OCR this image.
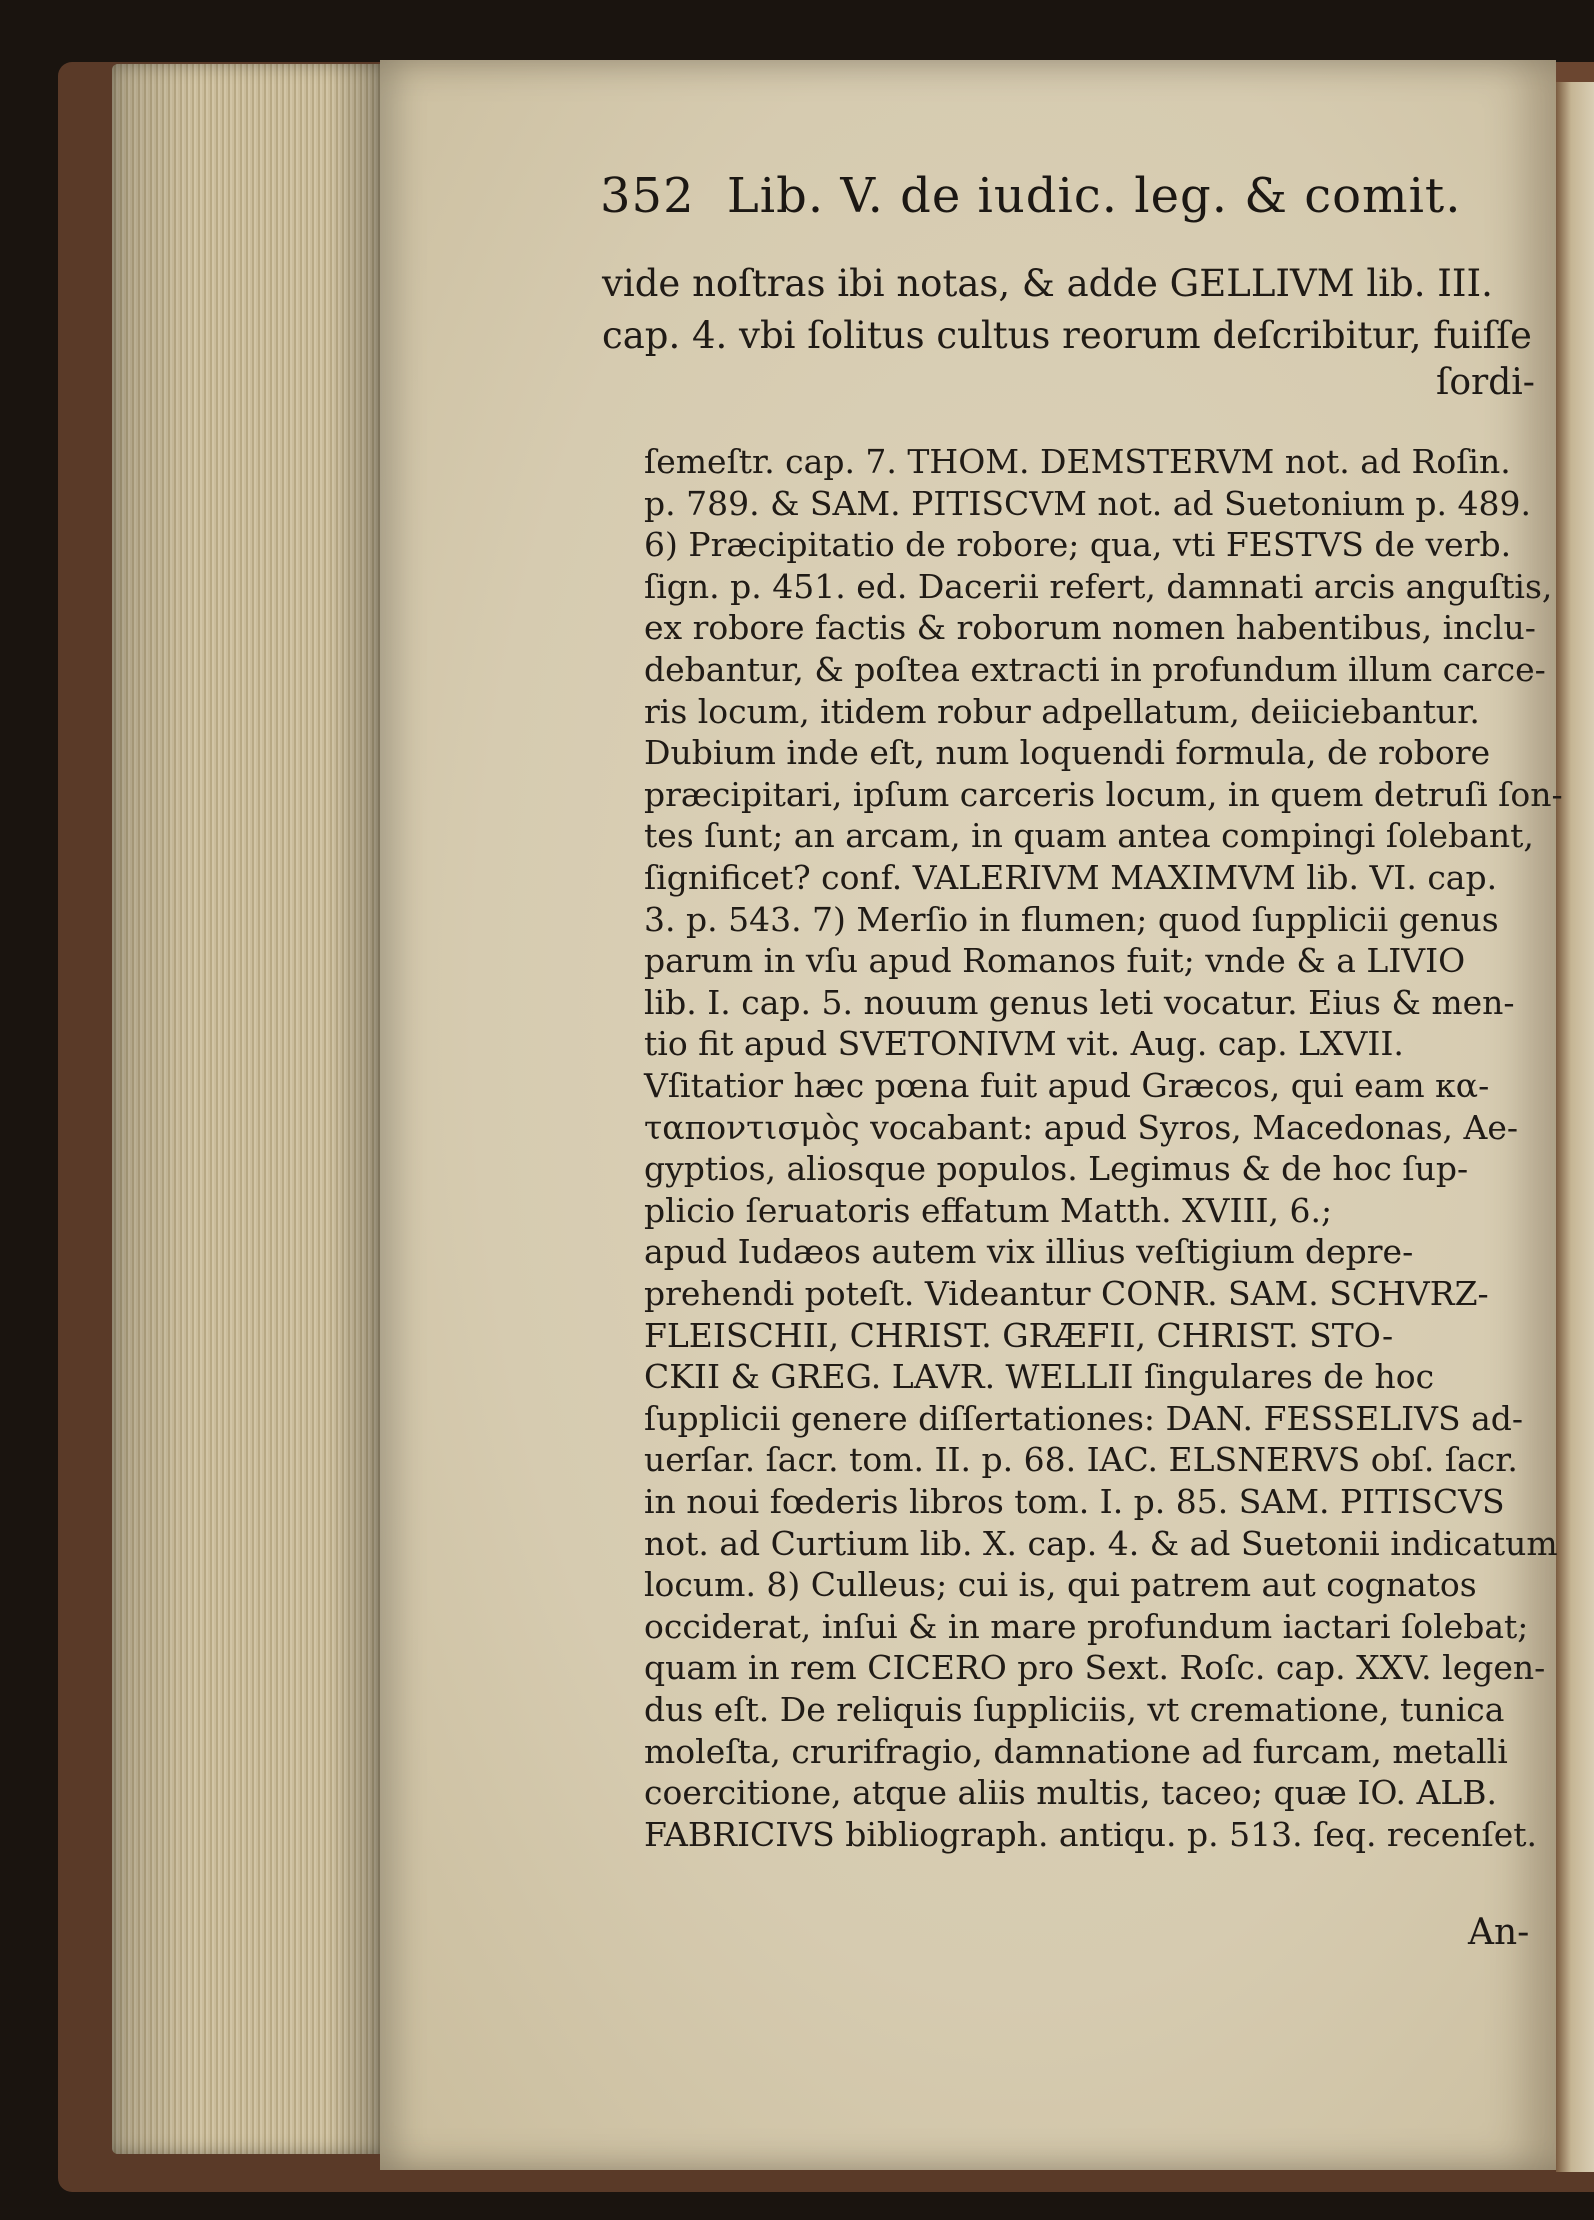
352 Lib. V. de iudic. leg. & comit.
vide noſtras ibi notas, & adde GELLIVM lib. III.
cap. 4. vbi ſolitus cultus reorum deſcribitur, fuiſſe
ſordi-
ſemeſtr. cap. 7. THOM. DEMSTERVM not. ad Roſin.
p. 789. & SAM. PITISCVM not. ad Suetonium p. 489.
6) Præcipitatio de robore; qua, vti FESTVS de verb.
ſign. p. 451. ed. Dacerii refert, damnati arcis anguſtis,
ex robore factis & roborum nomen habentibus, inclu-
debantur, & poſtea extracti in profundum illum carce-
ris locum, itidem robur adpellatum, deiiciebantur.
Dubium inde eſt, num loquendi formula, de robore
præcipitari, ipſum carceris locum, in quem detruſi ſon-
tes ſunt; an arcam, in quam antea compingi ſolebant,
ſignificet? conf. VALERIVM MAXIMVM lib. VI. cap.
3. p. 543. 7) Merſio in flumen; quod ſupplicii genus
parum in vſu apud Romanos fuit; vnde & a LIVIO
lib. I. cap. 5. nouum genus leti vocatur. Eius & men-
tio fit apud SVETONIVM vit. Aug. cap. LXVII.
Vſitatior hæc pœna fuit apud Græcos, qui eam κα-
ταποντισμὸς vocabant: apud Syros, Macedonas, Ae-
gyptios, aliosque populos. Legimus & de hoc ſup-
plicio ſeruatoris effatum Matth. XVIII, 6.;
apud Iudæos autem vix illius veſtigium depre-
prehendi poteſt. Videantur CONR. SAM. SCHVRZ-
FLEISCHII, CHRIST. GRÆFII, CHRIST. STO-
CKII & GREG. LAVR. WELLII ſingulares de hoc
ſupplicii genere diſſertationes: DAN. FESSELIVS ad-
uerſar. ſacr. tom. II. p. 68. IAC. ELSNERVS obſ. ſacr.
in noui fœderis libros tom. I. p. 85. SAM. PITISCVS
not. ad Curtium lib. X. cap. 4. & ad Suetonii indicatum
locum. 8) Culleus; cui is, qui patrem aut cognatos
occiderat, inſui & in mare profundum iactari ſolebat;
quam in rem CICERO pro Sext. Roſc. cap. XXV. legen-
dus eſt. De reliquis ſuppliciis, vt crematione, tunica
moleſta, crurifragio, damnatione ad furcam, metalli
coercitione, atque aliis multis, taceo; quæ IO. ALB.
FABRICIVS bibliograph. antiqu. p. 513. ſeq. recenſet.
An-
